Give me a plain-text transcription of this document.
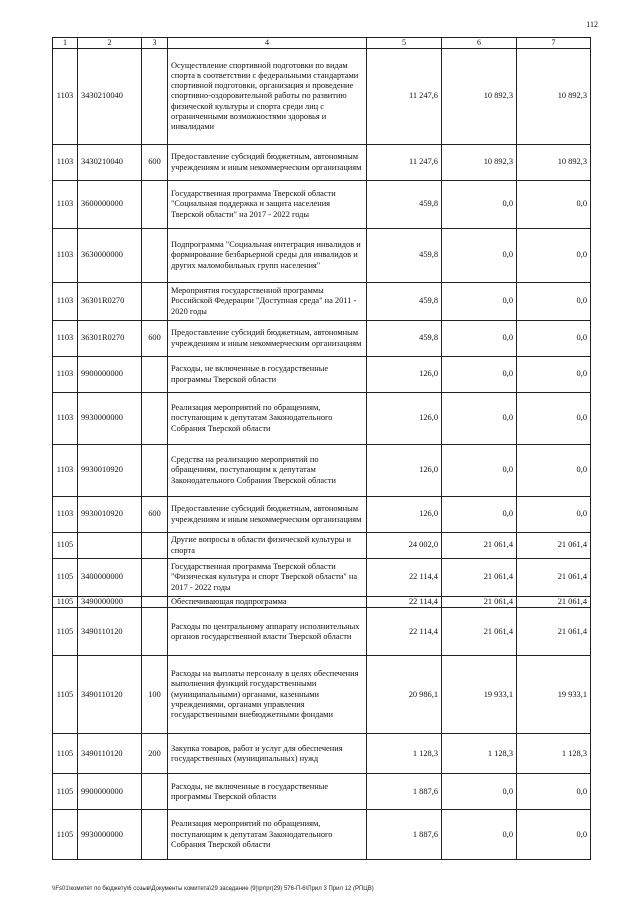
112
1	2	3	4	5	6	7
1103	3430210040		Осуществление спортивной подготовки по видам спорта в соответствии с федеральными стандартами спортивной подготовки, организация и проведение спортивно-оздоровительной работы по развитию физической культуры и спорта среди лиц с ограниченными возможностями здоровья и инвалидами	11 247,6	10 892,3	10 892,3
1103	3430210040	600	Предоставление субсидий бюджетным, автономным учреждениям и иным некоммерческим организациям	11 247,6	10 892,3	10 892,3
1103	3600000000		Государственная программа Тверской области "Социальная поддержка и защита населения Тверской области" на 2017 - 2022 годы	459,8	0,0	0,0
1103	3630000000		Подпрограмма "Социальная интеграция инвалидов и формирование безбарьерной среды для инвалидов и других маломобильных групп населения"	459,8	0,0	0,0
1103	36301R0270		Мероприятия государственной программы Российской Федерации "Доступная среда" на 2011 - 2020 годы	459,8	0,0	0,0
1103	36301R0270	600	Предоставление субсидий бюджетным, автономным учреждениям и иным некоммерческим организациям	459,8	0,0	0,0
1103	9900000000		Расходы, не включенные в государственные программы Тверской области	126,0	0,0	0,0
1103	9930000000		Реализация мероприятий по обращениям, поступающим к депутатам Законодательного Собрания Тверской области	126,0	0,0	0,0
1103	9930010920		Средства на реализацию мероприятий по обращениям, поступающим к депутатам Законодательного Собрания Тверской области	126,0	0,0	0,0
1103	9930010920	600	Предоставление субсидий бюджетным, автономным учреждениям и иным некоммерческим организациям	126,0	0,0	0,0
1105			Другие вопросы в области физической культуры и спорта	24 002,0	21 061,4	21 061,4
1105	3400000000		Государственная программа Тверской области "Физическая культура и спорт Тверской области" на 2017 - 2022 годы	22 114,4	21 061,4	21 061,4
1105	3490000000		Обеспечивающая подпрограмма	22 114,4	21 061,4	21 061,4
1105	3490110120		Расходы по центральному аппарату исполнительных органов государственной власти Тверской области	22 114,4	21 061,4	21 061,4
1105	3490110120	100	Расходы на выплаты персоналу в целях обеспечения выполнения функций государственными (муниципальными) органами, казенными учреждениями, органами управления государственными внебюджетными фондами	20 986,1	19 933,1	19 933,1
1105	3490110120	200	Закупка товаров, работ и услуг для обеспечения государственных (муниципальных) нужд	1 128,3	1 128,3	1 128,3
1105	9900000000		Расходы, не включенные в государственные программы Тверской области	1 887,6	0,0	0,0
1105	9930000000		Реализация мероприятий по обращениям, поступающим к депутатам Законодательного Собрания Тверской области	1 887,6	0,0	0,0
\\Fs01\комитет по бюджету\6 созыв\Документы комитета\29 заседание (9)\pr\pr(29) 576-П-6\Прил 3 Прил 12 (РПЦВ)
